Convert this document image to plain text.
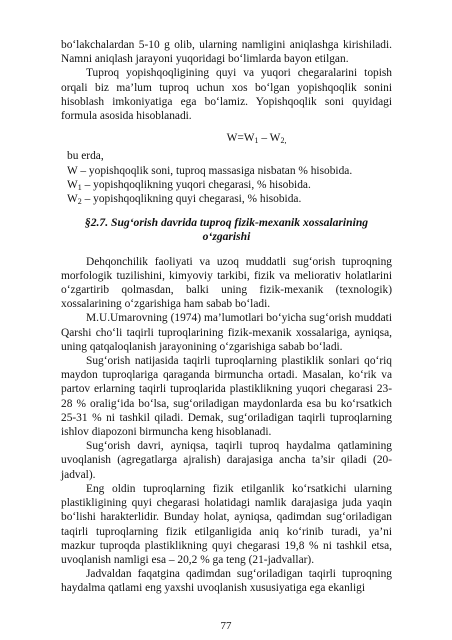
bo‘lakchalardan 5-10 g olib, ularning namligini aniqlashga kirishiladi. Namni aniqlash jarayoni yuqoridagi bo‘limlarda bayon etilgan.

Tuproq yopishqoqligining quyi va yuqori chegaralarini topish orqali biz ma’lum tuproq uchun xos bo‘lgan yopishqoqlik sonini hisoblash imkoniyatiga ega bo‘lamiz. Yopishqoqlik soni quyidagi formula asosida hisoblanadi.

$W=W_1 - W_{2,}$

bu erda,

W – yopishqoqlik soni, tuproq massasiga nisbatan % hisobida.

$W_1$ – yopishqoqlikning yuqori chegarasi, % hisobida.

$W_2$ – yopishqoqlikning quyi chegarasi, % hisobida.

§2.7. Sug‘orish davrida tuproq fizik-mexanik xossalarining o‘zgarishi

Dehqonchilik faoliyati va uzoq muddatli sug‘orish tuproqning morfologik tuzilishini, kimyoviy tarkibi, fizik va meliorativ holatlarini o‘zgartirib qolmasdan, balki uning fizik-mexanik (texnologik) xossalarining o‘zgarishiga ham sabab bo‘ladi.

M.U.Umarovning (1974) ma’lumotlari bo‘yicha sug‘orish muddati Qarshi cho‘li taqirli tuproqlarining fizik-mexanik xossalariga, ayniqsa, uning qatqaloqlanish jarayonining o‘zgarishiga sabab bo‘ladi.

Sug‘orish natijasida taqirli tuproqlarning plastiklik sonlari qo‘riq maydon tuproqlariga qaraganda birmuncha ortadi. Masalan, ko‘rik va partov erlarning taqirli tuproqlarida plastiklikning yuqori chegarasi 23-28 % oralig‘ida bo‘lsa, sug‘oriladigan maydonlarda esa bu ko‘rsatkich 25-31 % ni tashkil qiladi. Demak, sug‘oriladigan taqirli tuproqlarning ishlov diapozoni birmuncha keng hisoblanadi.

Sug‘orish davri, ayniqsa, taqirli tuproq haydalma qatlamining uvoqlanish (agregatlarga ajralish) darajasiga ancha ta’sir qiladi (20-jadval).

Eng oldin tuproqlarning fizik etilganlik ko‘rsatkichi ularning plastikligining quyi chegarasi holatidagi namlik darajasiga juda yaqin bo‘lishi harakterlidir. Bunday holat, ayniqsa, qadimdan sug‘oriladigan taqirli tuproqlarning fizik etilganligida aniq ko‘rinib turadi, ya’ni mazkur tuproqda plastiklikning quyi chegarasi 19,8 % ni tashkil etsa, uvoqlanish namligi esa – 20,2 % ga teng (21-jadvallar).

Jadvaldan faqatgina qadimdan sug‘oriladigan taqirli tuproqning haydalma qatlami eng yaxshi uvoqlanish xususiyatiga ega ekanligi

77
